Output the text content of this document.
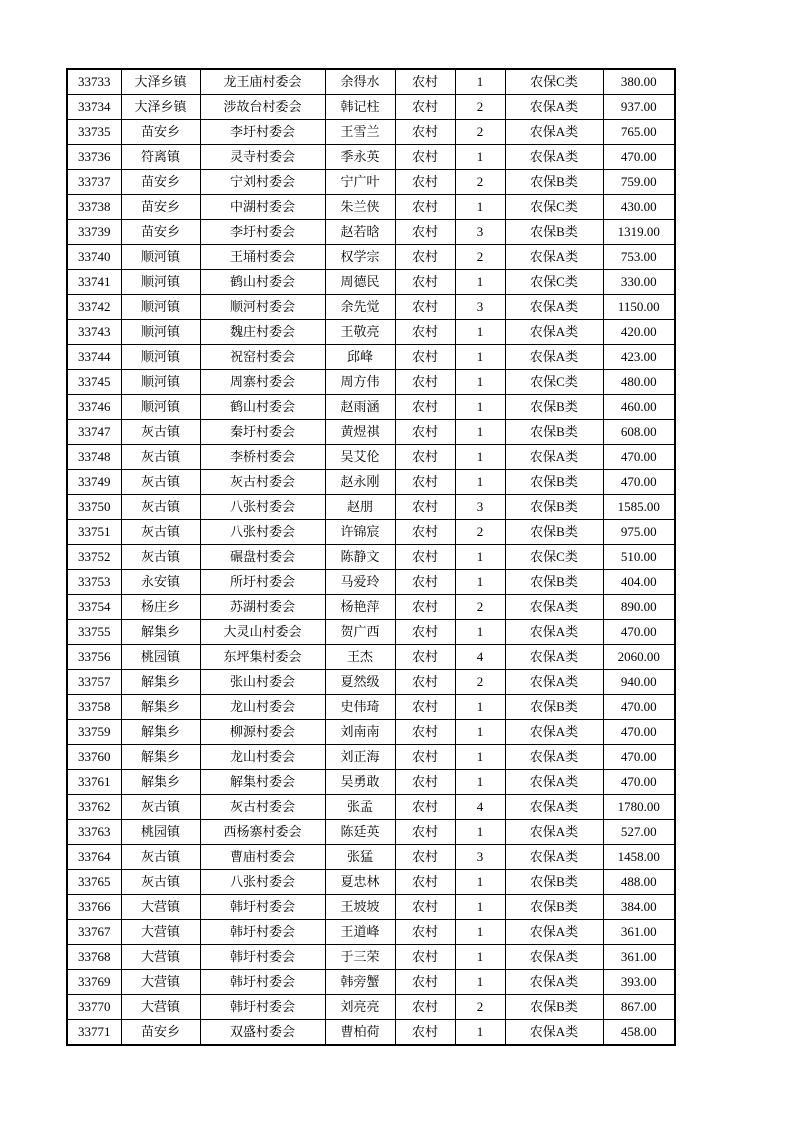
33733	大泽乡镇	龙王庙村委会	余得水	农村	1	农保C类	380.00
33734	大泽乡镇	涉故台村委会	韩记柱	农村	2	农保A类	937.00
33735	苗安乡	李圩村委会	王雪兰	农村	2	农保A类	765.00
33736	符离镇	灵寺村委会	季永英	农村	1	农保A类	470.00
33737	苗安乡	宁刘村委会	宁广叶	农村	2	农保B类	759.00
33738	苗安乡	中湖村委会	朱兰侠	农村	1	农保C类	430.00
33739	苗安乡	李圩村委会	赵若晗	农村	3	农保B类	1319.00
33740	顺河镇	王埇村委会	权学宗	农村	2	农保A类	753.00
33741	顺河镇	鹤山村委会	周德民	农村	1	农保C类	330.00
33742	顺河镇	顺河村委会	余先觉	农村	3	农保A类	1150.00
33743	顺河镇	魏庄村委会	王敬亮	农村	1	农保A类	420.00
33744	顺河镇	祝窑村委会	邱峰	农村	1	农保A类	423.00
33745	顺河镇	周寨村委会	周方伟	农村	1	农保C类	480.00
33746	顺河镇	鹤山村委会	赵雨涵	农村	1	农保B类	460.00
33747	灰古镇	秦圩村委会	黄煜祺	农村	1	农保B类	608.00
33748	灰古镇	李桥村委会	吴艾伦	农村	1	农保A类	470.00
33749	灰古镇	灰古村委会	赵永刚	农村	1	农保B类	470.00
33750	灰古镇	八张村委会	赵朋	农村	3	农保B类	1585.00
33751	灰古镇	八张村委会	许锦宸	农村	2	农保B类	975.00
33752	灰古镇	碾盘村委会	陈静文	农村	1	农保C类	510.00
33753	永安镇	所圩村委会	马爱玲	农村	1	农保B类	404.00
33754	杨庄乡	苏湖村委会	杨艳萍	农村	2	农保A类	890.00
33755	解集乡	大灵山村委会	贺广西	农村	1	农保A类	470.00
33756	桃园镇	东坪集村委会	王杰	农村	4	农保A类	2060.00
33757	解集乡	张山村委会	夏然级	农村	2	农保A类	940.00
33758	解集乡	龙山村委会	史伟琦	农村	1	农保B类	470.00
33759	解集乡	柳源村委会	刘南南	农村	1	农保A类	470.00
33760	解集乡	龙山村委会	刘正海	农村	1	农保A类	470.00
33761	解集乡	解集村委会	吴勇敢	农村	1	农保A类	470.00
33762	灰古镇	灰古村委会	张孟	农村	4	农保A类	1780.00
33763	桃园镇	西杨寨村委会	陈廷英	农村	1	农保A类	527.00
33764	灰古镇	曹庙村委会	张猛	农村	3	农保A类	1458.00
33765	灰古镇	八张村委会	夏忠林	农村	1	农保B类	488.00
33766	大营镇	韩圩村委会	王坡坡	农村	1	农保B类	384.00
33767	大营镇	韩圩村委会	王道峰	农村	1	农保A类	361.00
33768	大营镇	韩圩村委会	于三荣	农村	1	农保A类	361.00
33769	大营镇	韩圩村委会	韩旁蟹	农村	1	农保A类	393.00
33770	大营镇	韩圩村委会	刘亮亮	农村	2	农保B类	867.00
33771	苗安乡	双盛村委会	曹柏荷	农村	1	农保A类	458.00
